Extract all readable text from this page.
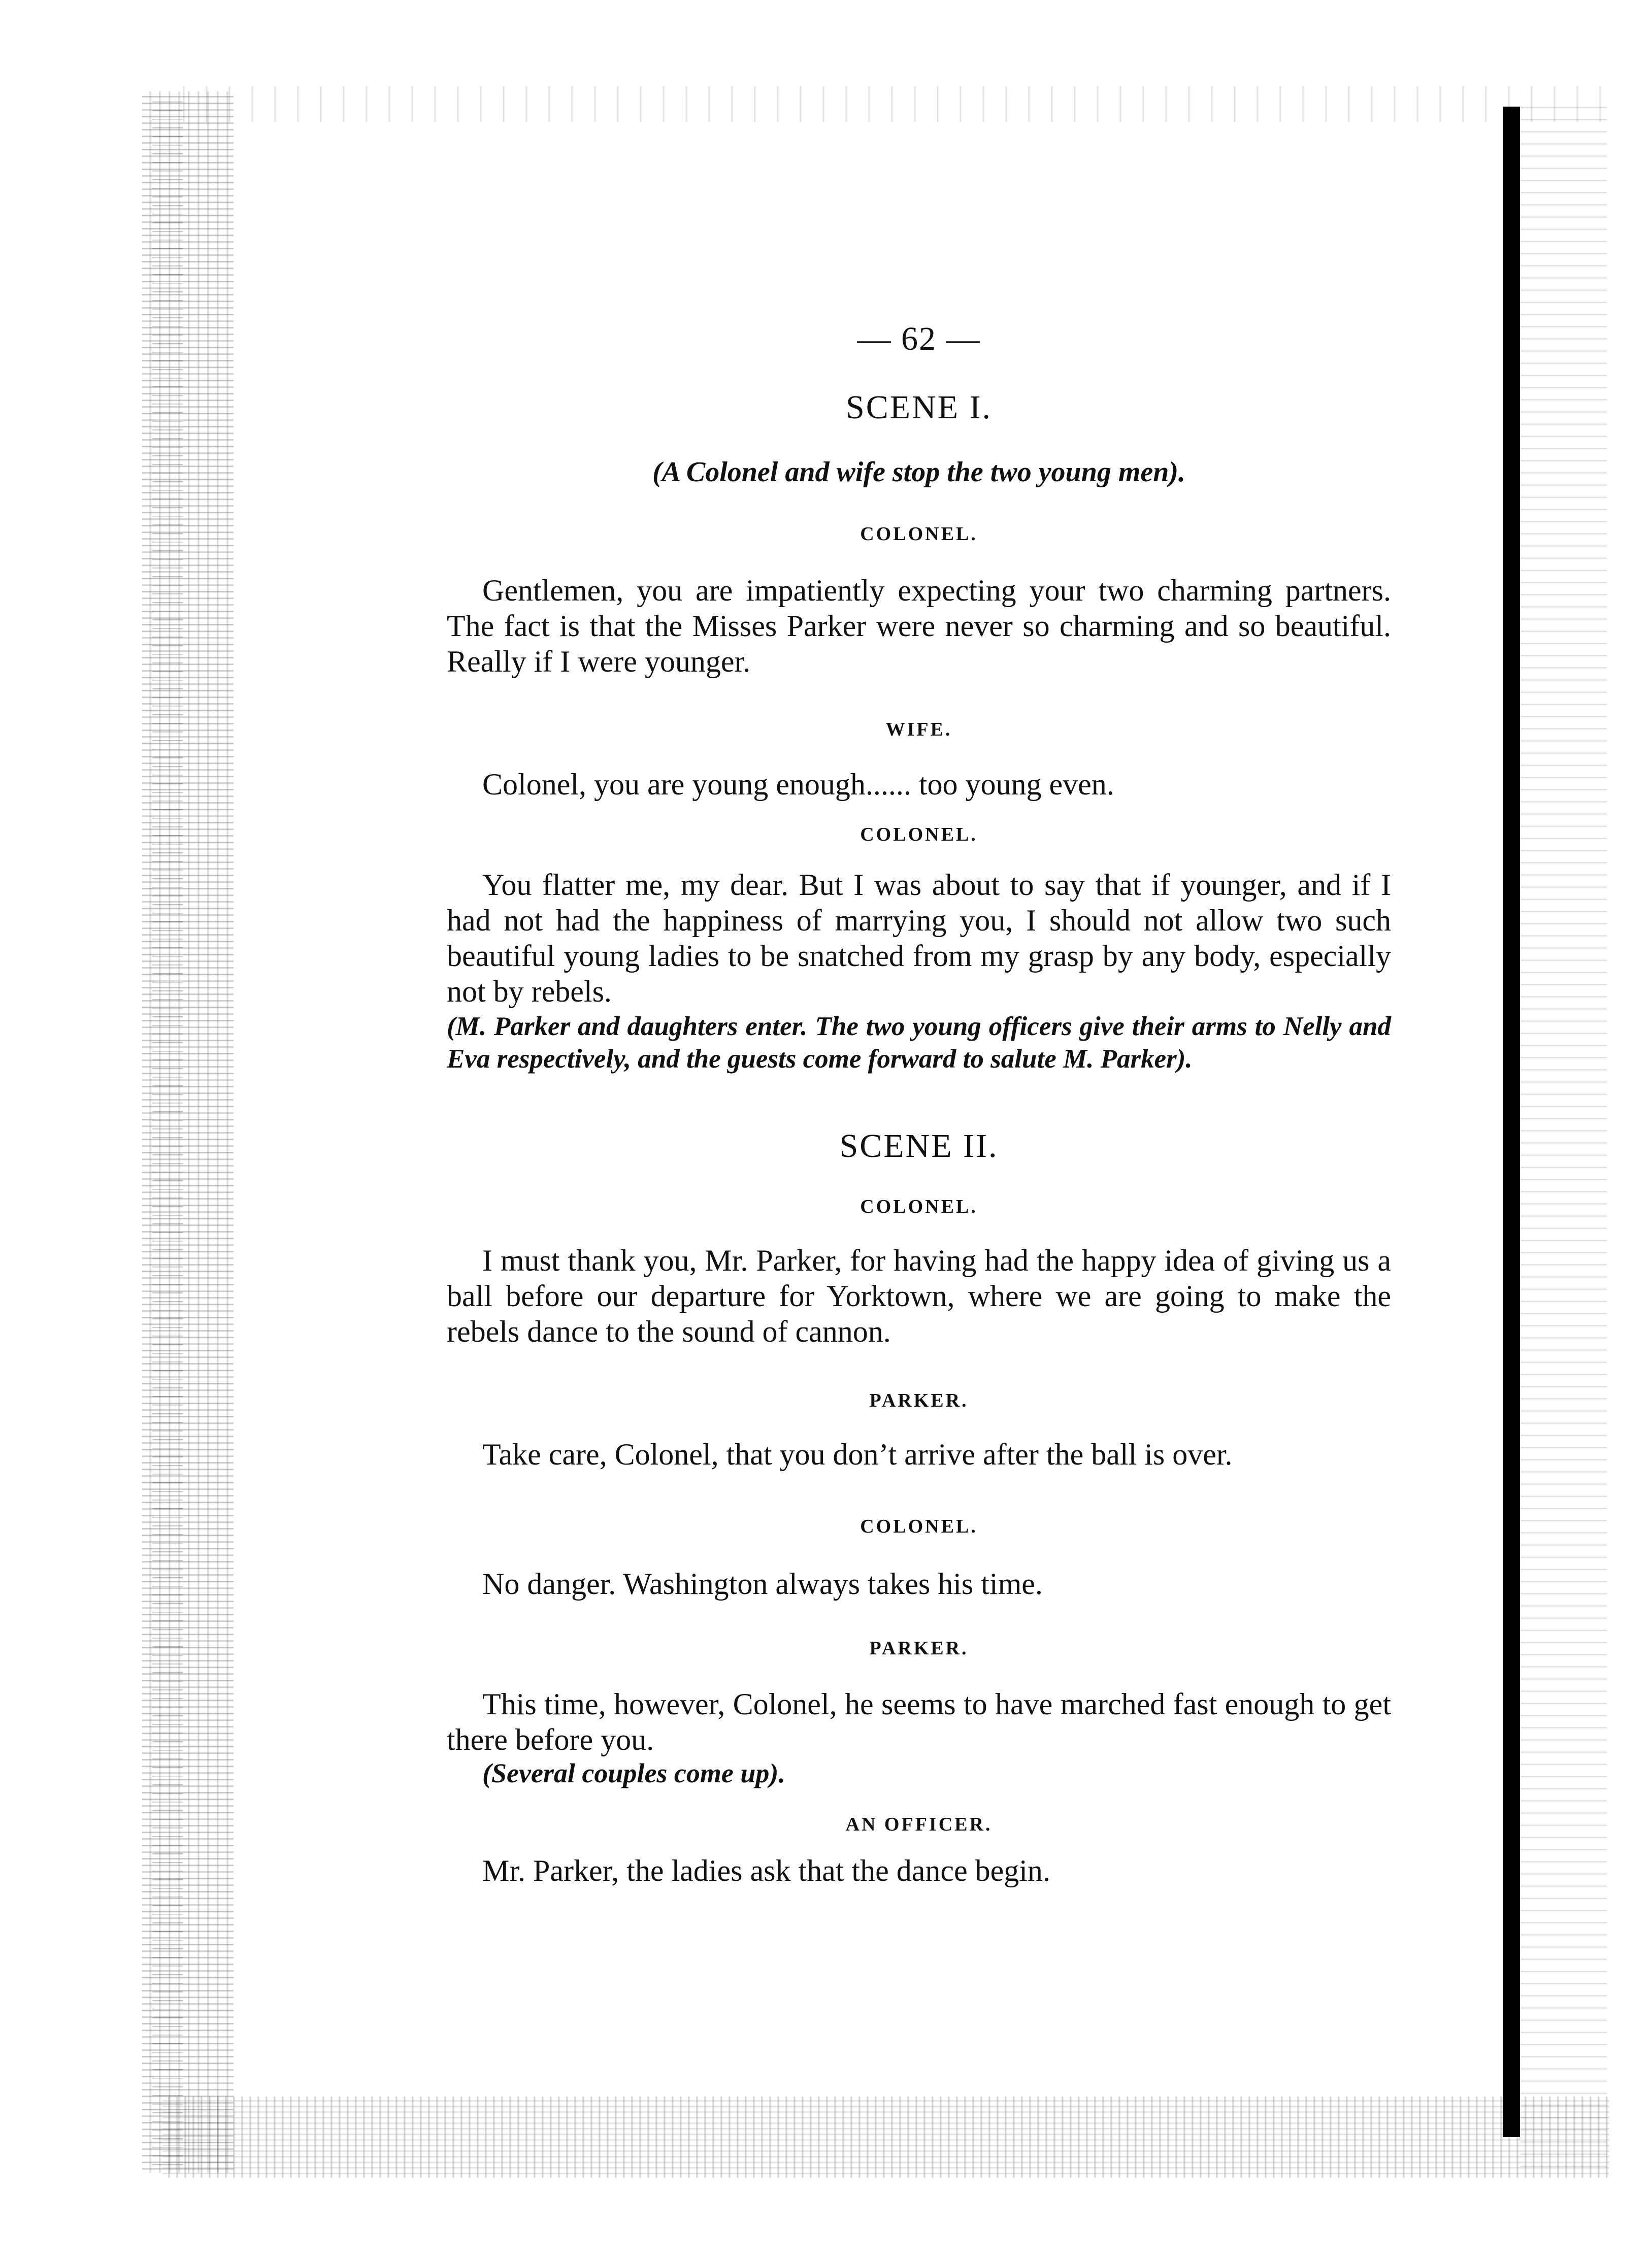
— 62 —
SCENE I.
(A Colonel and wife stop the two young men).
COLONEL.

Gentlemen, you are impatiently expecting your two charming partners. The fact is that the Misses Parker were never so charming and so beautiful. Really if I were younger.

WIFE.

Colonel, you are young enough...... too young even.

COLONEL.

You flatter me, my dear. But I was about to say that if younger, and if I had not had the happiness of marrying you, I should not allow two such beautiful young ladies to be snatched from my grasp by any body, especially not by rebels.

(M. Parker and daughters enter. The two young officers give their arms to Nelly and Eva respectively, and the guests come forward to salute M. Parker).
SCENE II.
COLONEL.

I must thank you, Mr. Parker, for having had the happy idea of giving us a ball before our departure for Yorktown, where we are going to make the rebels dance to the sound of cannon.

PARKER.

Take care, Colonel, that you don’t arrive after the ball is over.

COLONEL.

No danger. Washington always takes his time.

PARKER.

This time, however, Colonel, he seems to have marched fast enough to get there before you.

(Several couples come up).
AN OFFICER.

Mr. Parker, the ladies ask that the dance begin.
